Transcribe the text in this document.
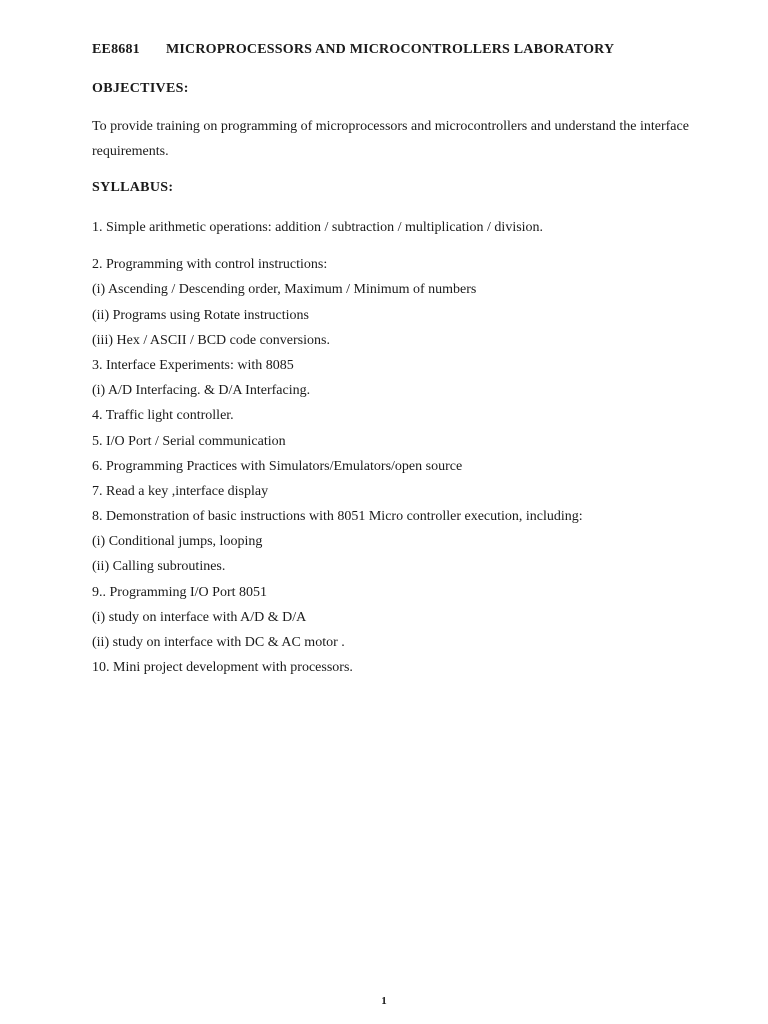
EE8681 MICROPROCESSORS AND MICROCONTROLLERS LABORATORY
OBJECTIVES:
To provide training on programming of microprocessors and microcontrollers and understand the interface requirements.
SYLLABUS:
1. Simple arithmetic operations: addition / subtraction / multiplication / division.
2. Programming with control instructions:
(i) Ascending / Descending order, Maximum / Minimum of numbers
(ii) Programs using Rotate instructions
(iii) Hex / ASCII / BCD code conversions.
3. Interface Experiments: with 8085
(i) A/D Interfacing. & D/A Interfacing.
4. Traffic light controller.
5. I/O Port / Serial communication
6. Programming Practices with Simulators/Emulators/open source
7. Read a key ,interface display
8. Demonstration of basic instructions with 8051 Micro controller execution, including:
(i) Conditional jumps, looping
(ii) Calling subroutines.
9.. Programming I/O Port 8051
(i) study on interface with A/D & D/A
(ii) study on interface with DC & AC motor .
10. Mini project development with processors.
1
